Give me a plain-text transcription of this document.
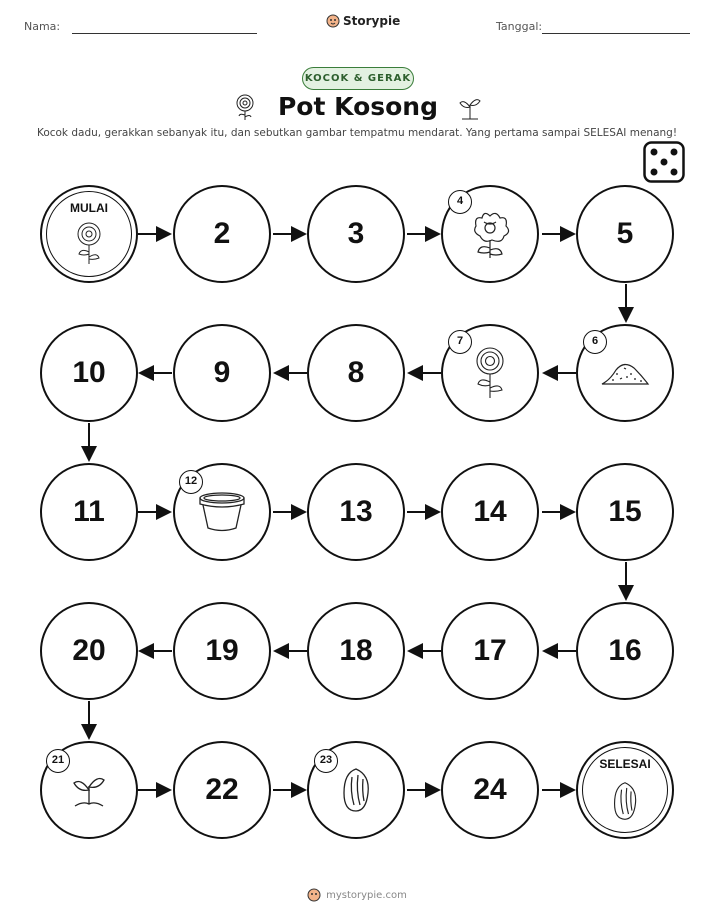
Nama:	Storypie	Tanggal:
KOCOK & GERAK
Pot Kosong
Kocok dadu, gerakkan sebanyak itu, dan sebutkan gambar tempatmu mendarat. Yang pertama sampai SELESAI menang!
MULAI
2	3
4
5
6
7
8
9
10
11
12
13	14	15
16
17
18
19
20
21
22
23
24
SELESAI
mystorypie.com
